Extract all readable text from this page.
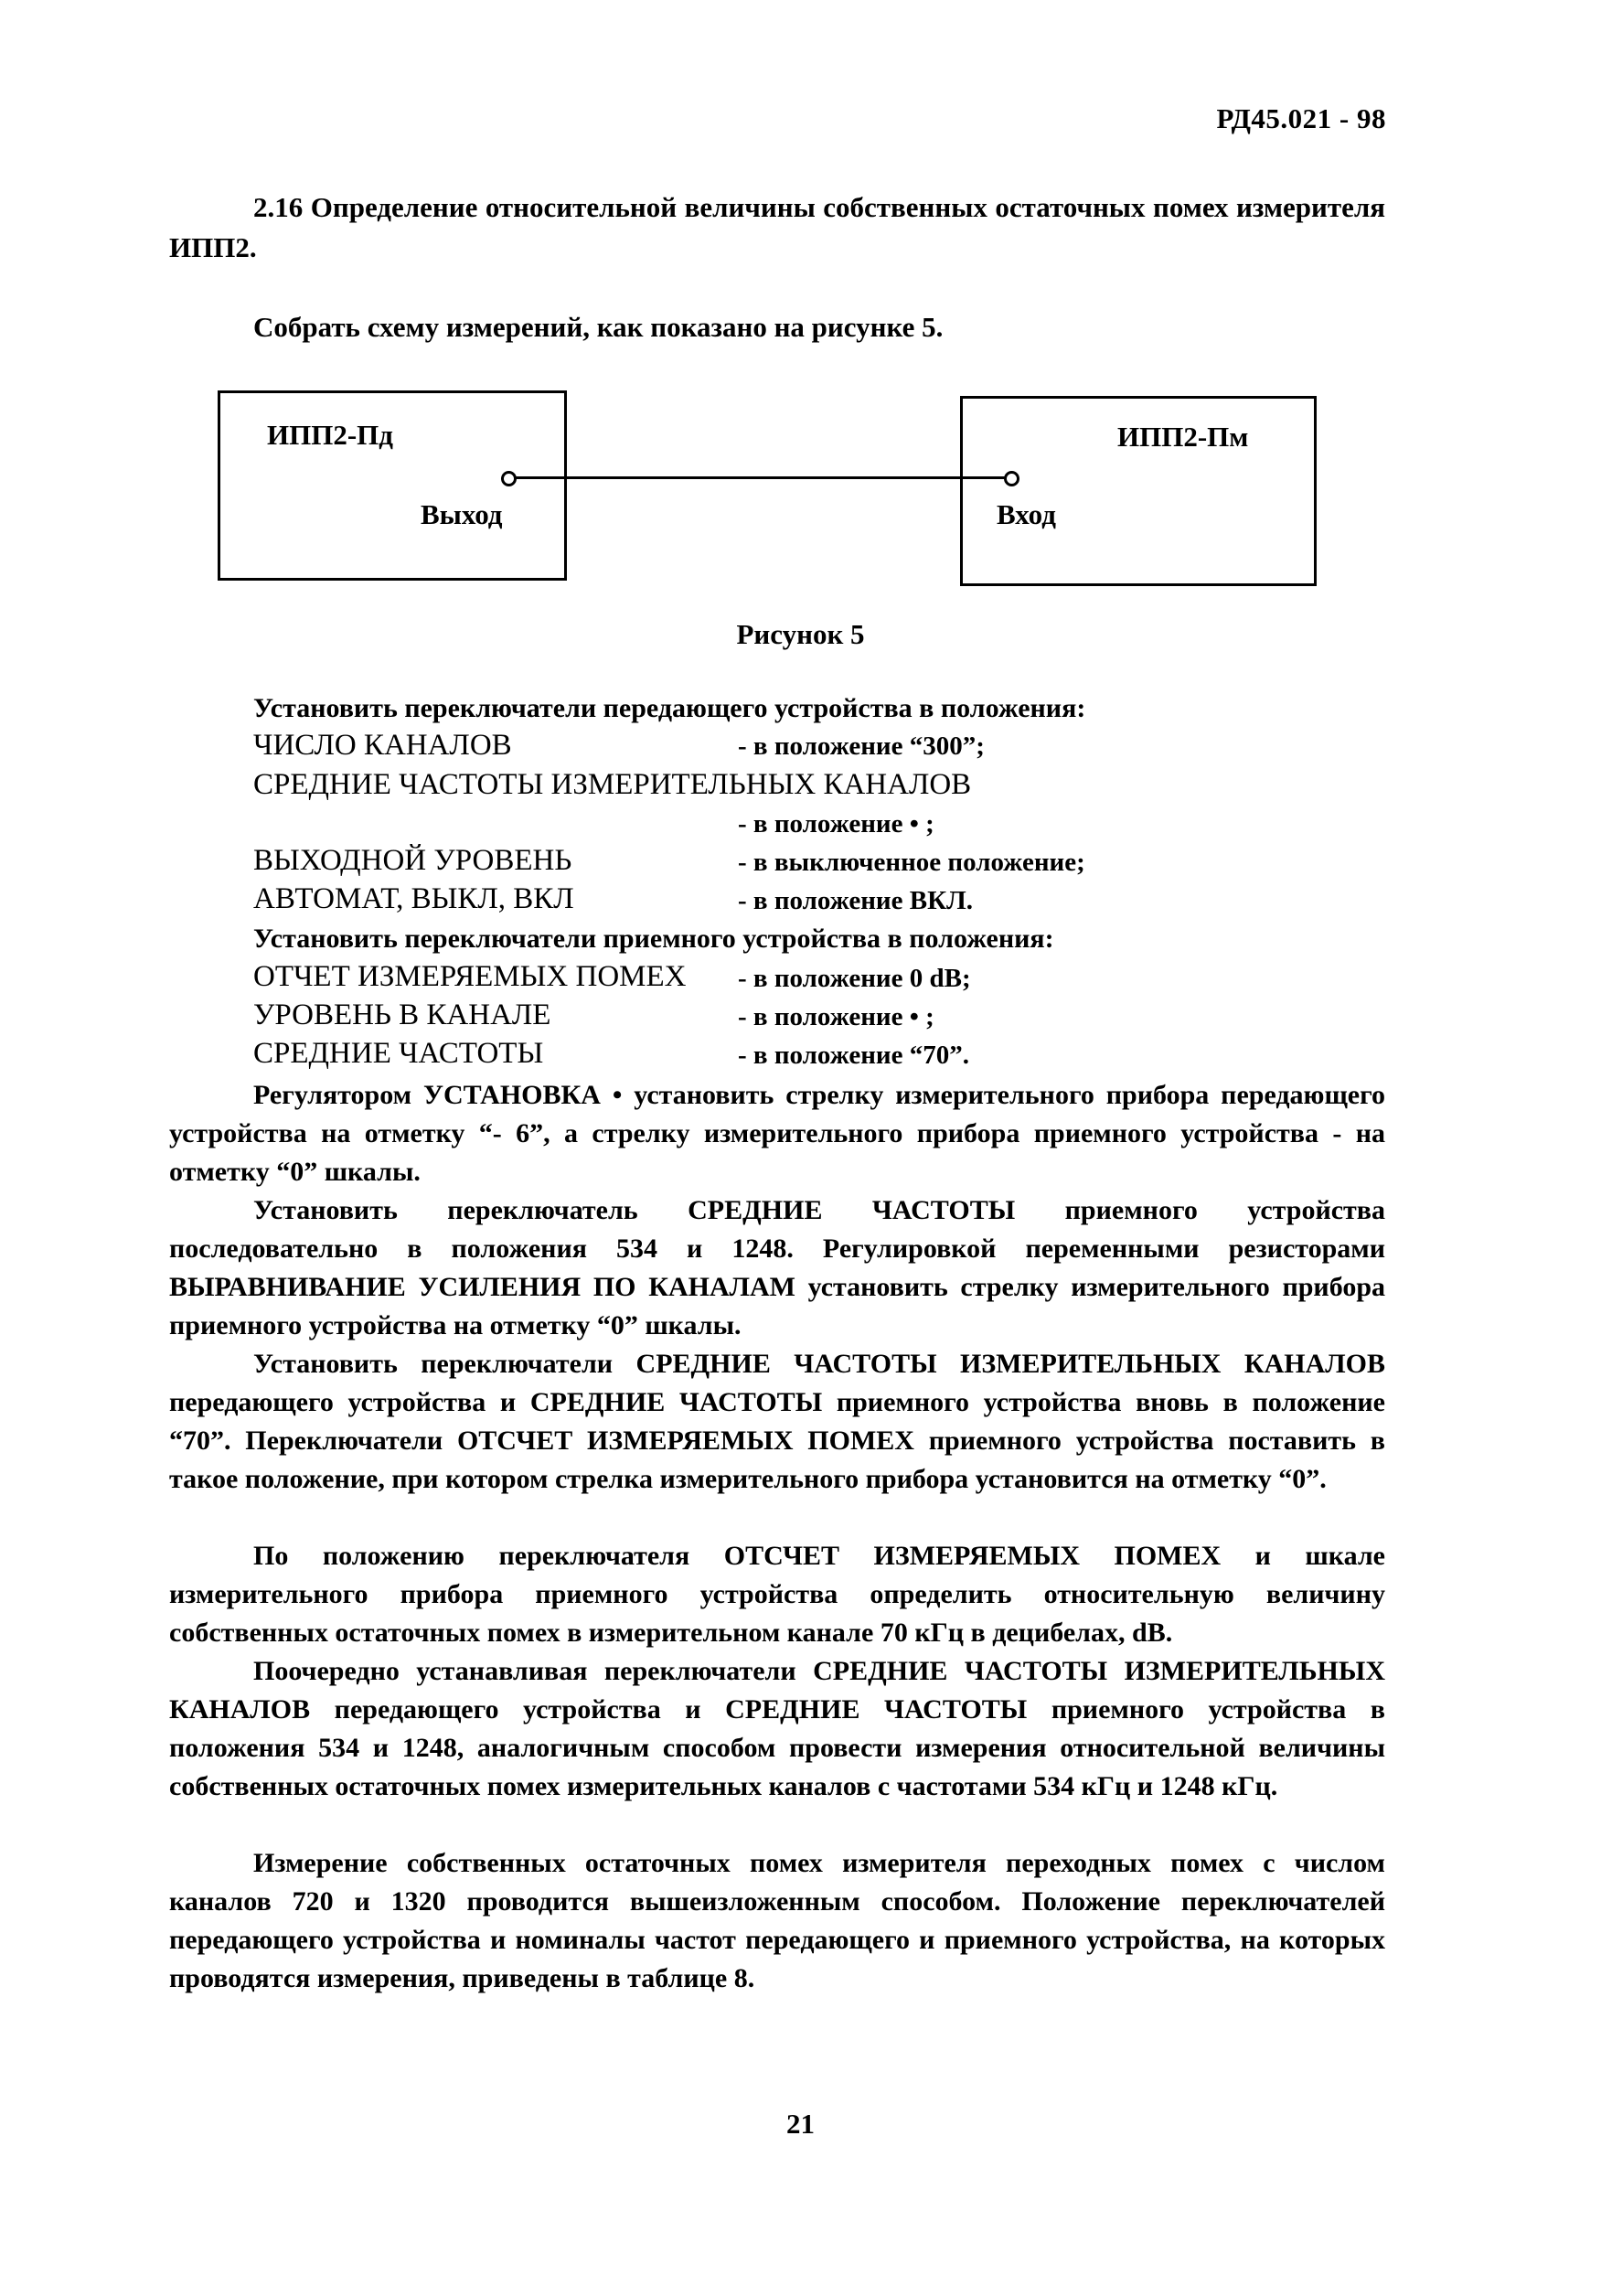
РД45.021 - 98
2.16 Определение относительной величины собственных остаточных помех измерителя ИПП2.
Собрать схему измерений, как показано на рисунке 5.
ИПП2-Пд
Выход
ИПП2-Пм
Вход
Рисунок 5
Установить переключатели передающего устройства в положения:
ЧИСЛО КАНАЛОВ	- в положение “300”;
СРЕДНИЕ ЧАСТОТЫ ИЗМЕРИТЕЛЬНЫХ КАНАЛОВ
- в положение • ;
ВЫХОДНОЙ УРОВЕНЬ	- в выключенное положение;
АВТОМАТ, ВЫКЛ, ВКЛ	- в положение ВКЛ.
Установить переключатели приемного устройства в положения:
ОТЧЕТ ИЗМЕРЯЕМЫХ ПОМЕХ - в положение 0 dB;
УРОВЕНЬ В КАНАЛЕ	- в положение • ;
СРЕДНИЕ ЧАСТОТЫ	- в положение “70”.
Регулятором УСТАНОВКА • установить стрелку измерительного прибора передающего устройства на отметку “- 6”, а стрелку измерительного прибора приемного устройства - на отметку “0” шкалы.
Установить переключатель СРЕДНИЕ ЧАСТОТЫ приемного устройства последовательно в положения 534 и 1248. Регулировкой переменными резисторами ВЫРАВНИВАНИЕ УСИЛЕНИЯ ПО КАНАЛАМ установить стрелку измерительного прибора приемного устройства на отметку “0” шкалы.
Установить переключатели СРЕДНИЕ ЧАСТОТЫ ИЗМЕРИТЕЛЬНЫХ КАНАЛОВ передающего устройства и СРЕДНИЕ ЧАСТОТЫ приемного устройства вновь в положение “70”. Переключатели ОТСЧЕТ ИЗМЕРЯЕМЫХ ПОМЕХ приемного устройства поставить в такое положение, при котором стрелка измерительного прибора установится на отметку “0”.
По положению переключателя ОТСЧЕТ ИЗМЕРЯЕМЫХ ПОМЕХ и шкале измерительного прибора приемного устройства определить относительную величину собственных остаточных помех в измерительном канале 70 кГц в децибелах, dB.
Поочередно устанавливая переключатели СРЕДНИЕ ЧАСТОТЫ ИЗМЕРИТЕЛЬНЫХ КАНАЛОВ передающего устройства и СРЕДНИЕ ЧАСТОТЫ приемного устройства в положения 534 и 1248, аналогичным способом провести измерения относительной величины собственных остаточных помех измерительных каналов с частотами 534 кГц и 1248 кГц.
Измерение собственных остаточных помех измерителя переходных помех с числом каналов 720 и 1320 проводится вышеизложенным способом. Положение переключателей передающего устройства и номиналы частот передающего и приемного устройства, на которых проводятся измерения, приведены в таблице 8.
21
